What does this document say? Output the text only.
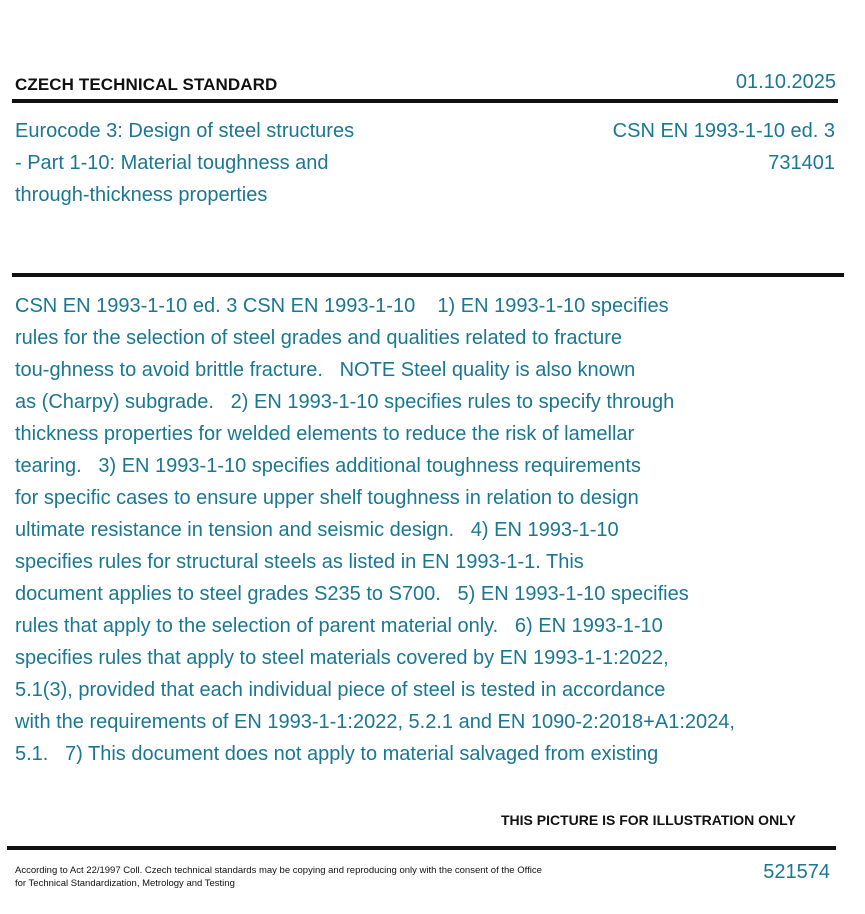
CZECH TECHNICAL STANDARD	01.10.2025
Eurocode 3: Design of steel structures
- Part 1-10: Material toughness and
through-thickness properties
CSN EN 1993-1-10 ed. 3
731401
CSN EN 1993-1-10 ed. 3 CSN EN 1993-1-10    1) EN 1993-1-10 specifies
rules for the selection of steel grades and qualities related to fracture
tou-ghness to avoid brittle fracture.   NOTE Steel quality is also known
as (Charpy) subgrade.   2) EN 1993-1-10 specifies rules to specify through
thickness properties for welded elements to reduce the risk of lamellar
tearing.   3) EN 1993-1-10 specifies additional toughness requirements
for specific cases to ensure upper shelf toughness in relation to design
ultimate resistance in tension and seismic design.   4) EN 1993-1-10
specifies rules for structural steels as listed in EN 1993-1-1. This
document applies to steel grades S235 to S700.   5) EN 1993-1-10 specifies
rules that apply to the selection of parent material only.   6) EN 1993-1-10
specifies rules that apply to steel materials covered by EN 1993-1-1:2022,
5.1(3), provided that each individual piece of steel is tested in accordance
with the requirements of EN 1993-1-1:2022, 5.2.1 and EN 1090-2:2018+A1:2024,
5.1.   7) This document does not apply to material salvaged from existing
THIS PICTURE IS FOR ILLUSTRATION ONLY
According to Act 22/1997 Coll. Czech technical standards may be copying and reproducing only with the consent of the Office
for Technical Standardization, Metrology and Testing
521574
